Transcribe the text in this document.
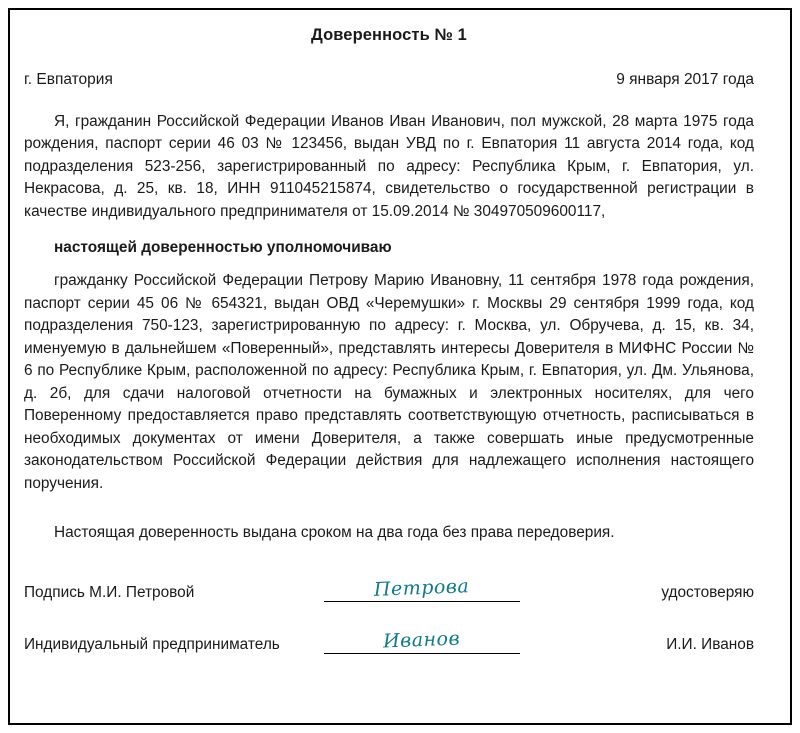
Доверенность № 1
г. Евпатория	9 января 2017 года

Я, гражданин Российской Федерации Иванов Иван Иванович, пол мужской, 28 марта 1975 года рождения, паспорт серии 46 03 № 123456, выдан УВД по г. Евпатория 11 августа 2014 года, код подразделения 523-256, зарегистрированный по адресу: Республика Крым, г. Евпатория, ул. Некрасова, д. 25, кв. 18, ИНН 911045215874, свидетельство о государственной регистрации в качестве индивидуального предпринимателя от 15.09.2014 № 304970509600117,

настоящей доверенностью уполномочиваю

гражданку Российской Федерации Петрову Марию Ивановну, 11 сентября 1978 года рождения, паспорт серии 45 06 № 654321, выдан ОВД «Черемушки» г. Москвы 29 сентября 1999 года, код подразделения 750-123, зарегистрированную по адресу: г. Москва, ул. Обручева, д. 15, кв. 34, именуемую в дальнейшем «Поверенный», представлять интересы Доверителя в МИФНС России № 6 по Республике Крым, расположенной по адресу: Республика Крым, г. Евпатория, ул. Дм. Ульянова, д. 2б, для сдачи налоговой отчетности на бумажных и электронных носителях, для чего Поверенному предоставляется право представлять соответствующую отчетность, расписываться в необходимых документах от имени Доверителя, а также совершать иные предусмотренные законодательством Российской Федерации действия для надлежащего исполнения настоящего поручения.

Настоящая доверенность выдана сроком на два года без права передоверия.

Подпись М.И. Петровой	Петрова	удостоверяю
Индивидуальный предприниматель	Иванов	И.И. Иванов
